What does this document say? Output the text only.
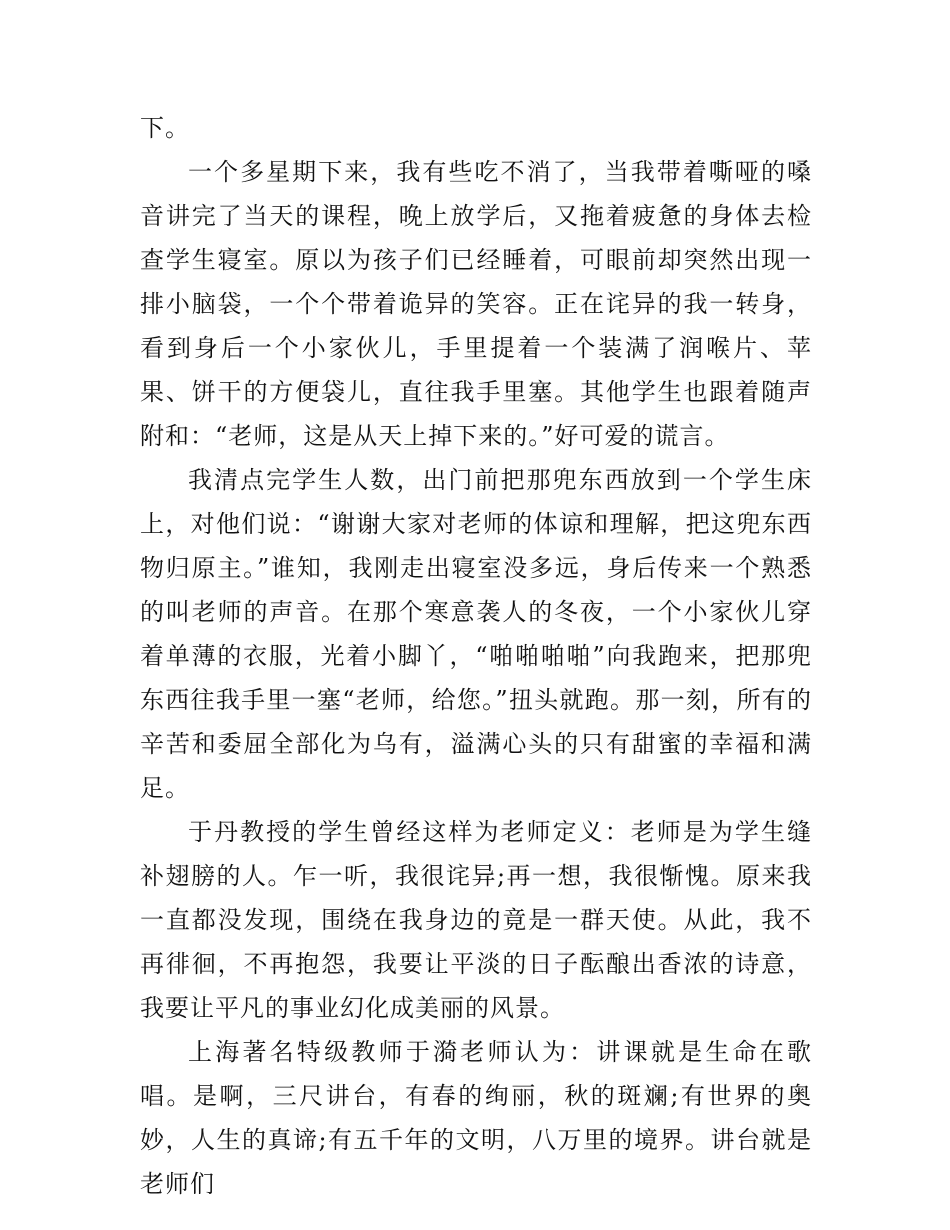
下。

一个多星期下来，我有些吃不消了，当我带着嘶哑的嗓音讲完了当天的课程，晚上放学后，又拖着疲惫的身体去检查学生寝室。原以为孩子们已经睡着，可眼前却突然出现一排小脑袋，一个个带着诡异的笑容。正在诧异的我一转身，看到身后一个小家伙儿，手里提着一个装满了润喉片、苹果、饼干的方便袋儿，直往我手里塞。其他学生也跟着随声附和：“老师，这是从天上掉下来的。”好可爱的谎言。

我清点完学生人数，出门前把那兜东西放到一个学生床上，对他们说：“谢谢大家对老师的体谅和理解，把这兜东西物归原主。”谁知，我刚走出寝室没多远，身后传来一个熟悉的叫老师的声音。在那个寒意袭人的冬夜，一个小家伙儿穿着单薄的衣服，光着小脚丫，“啪啪啪啪”向我跑来，把那兜东西往我手里一塞“老师，给您。”扭头就跑。那一刻，所有的辛苦和委屈全部化为乌有，溢满心头的只有甜蜜的幸福和满足。

于丹教授的学生曾经这样为老师定义：老师是为学生缝补翅膀的人。乍一听，我很诧异;再一想，我很惭愧。原来我一直都没发现，围绕在我身边的竟是一群天使。从此，我不再徘徊，不再抱怨，我要让平淡的日子酝酿出香浓的诗意，我要让平凡的事业幻化成美丽的风景。

上海著名特级教师于漪老师认为：讲课就是生命在歌唱。是啊，三尺讲台，有春的绚丽，秋的斑斓;有世界的奥妙，人生的真谛;有五千年的文明，八万里的境界。讲台就是老师们
